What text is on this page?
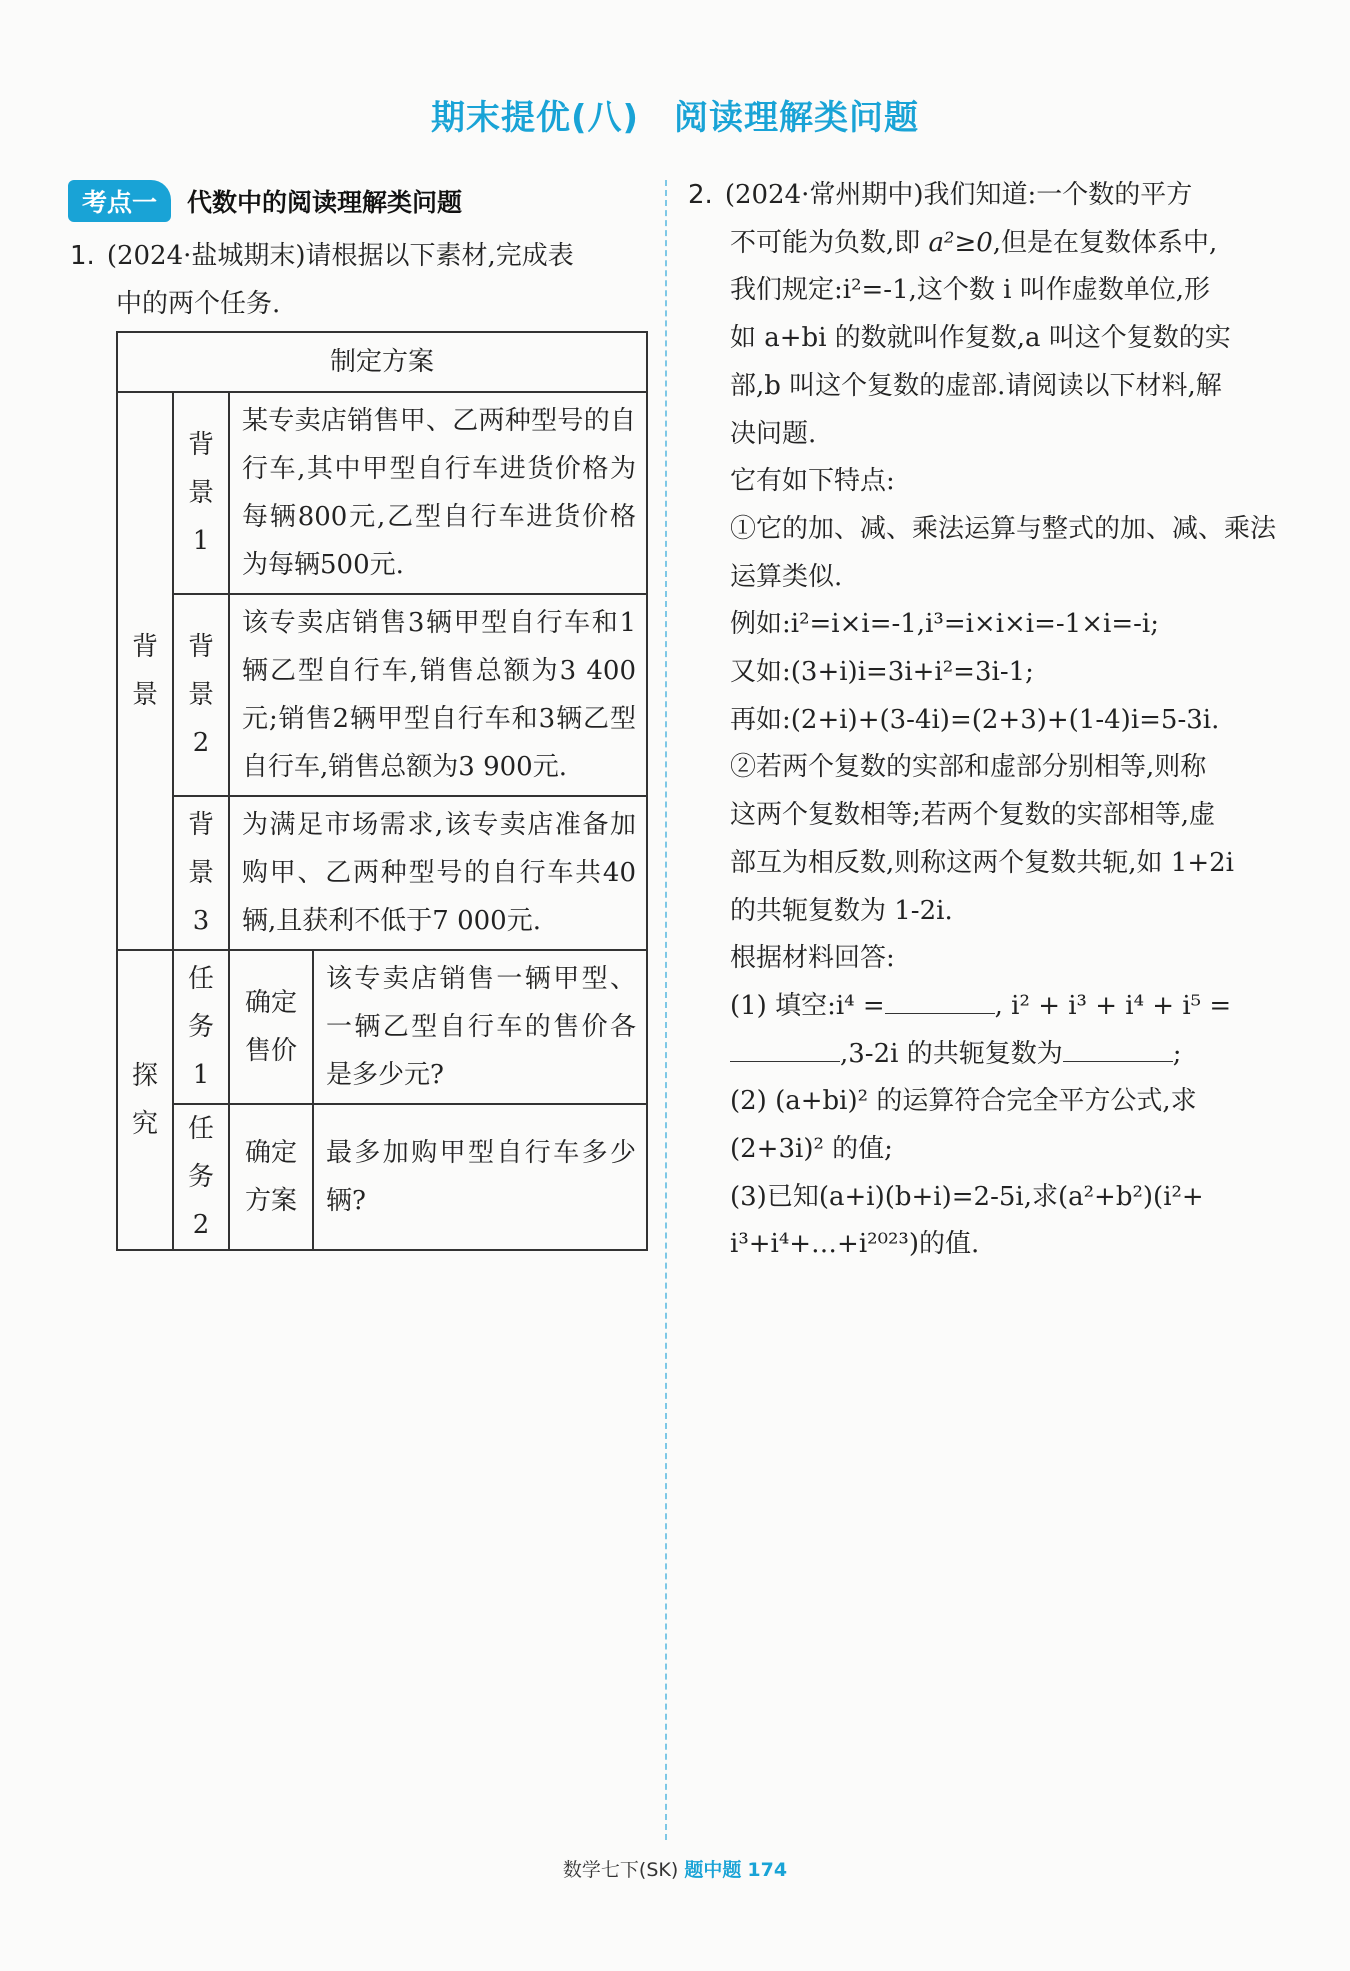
期末提优(八)　阅读理解类问题
考点一	代数中的阅读理解类问题
1. (2024·盐城期末)请根据以下素材,完成表
中的两个任务.
制定方案			

背景	背景1	某专卖店销售甲、乙两种型号的自行车,其中甲型自行车进货价格为每辆800元,乙型自行车进货价格为每辆500元.	

	背景2	该专卖店销售3辆甲型自行车和1辆乙型自行车,销售总额为3 400元;销售2辆甲型自行车和3辆乙型自行车,销售总额为3 900元.	

	背景3	为满足市场需求,该专卖店准备加购甲、乙两种型号的自行车共40辆,且获利不低于7 000元.	

探究	任务1	确定售价	该专卖店销售一辆甲型、一辆乙型自行车的售价各是多少元?

	任务2	确定方案	最多加购甲型自行车多少辆?

2. (2024·常州期中)我们知道:一个数的平方

不可能为负数,即 a²≥0,但是在复数体系中,

我们规定:i²=-1,这个数 i 叫作虚数单位,形

如 a+bi 的数就叫作复数,a 叫这个复数的实

部,b 叫这个复数的虚部.请阅读以下材料,解

决问题.

它有如下特点:

①它的加、减、乘法运算与整式的加、减、乘法

运算类似.

例如:i²=i×i=-1,i³=i×i×i=-1×i=-i;

又如:(3+i)i=3i+i²=3i-1;

再如:(2+i)+(3-4i)=(2+3)+(1-4)i=5-3i.

②若两个复数的实部和虚部分别相等,则称

这两个复数相等;若两个复数的实部相等,虚

部互为相反数,则称这两个复数共轭,如 1+2i

的共轭复数为 1-2i.

根据材料回答:

(1) 填空:i⁴ =	, i² + i³ + i⁴ + i⁵ =

,3-2i 的共轭复数为	;

(2) (a+bi)² 的运算符合完全平方公式,求

(2+3i)² 的值;

(3)已知(a+i)(b+i)=2-5i,求(a²+b²)(i²+

i³+i⁴+…+i²⁰²³)的值.

数学七下(SK) 题中题 174
